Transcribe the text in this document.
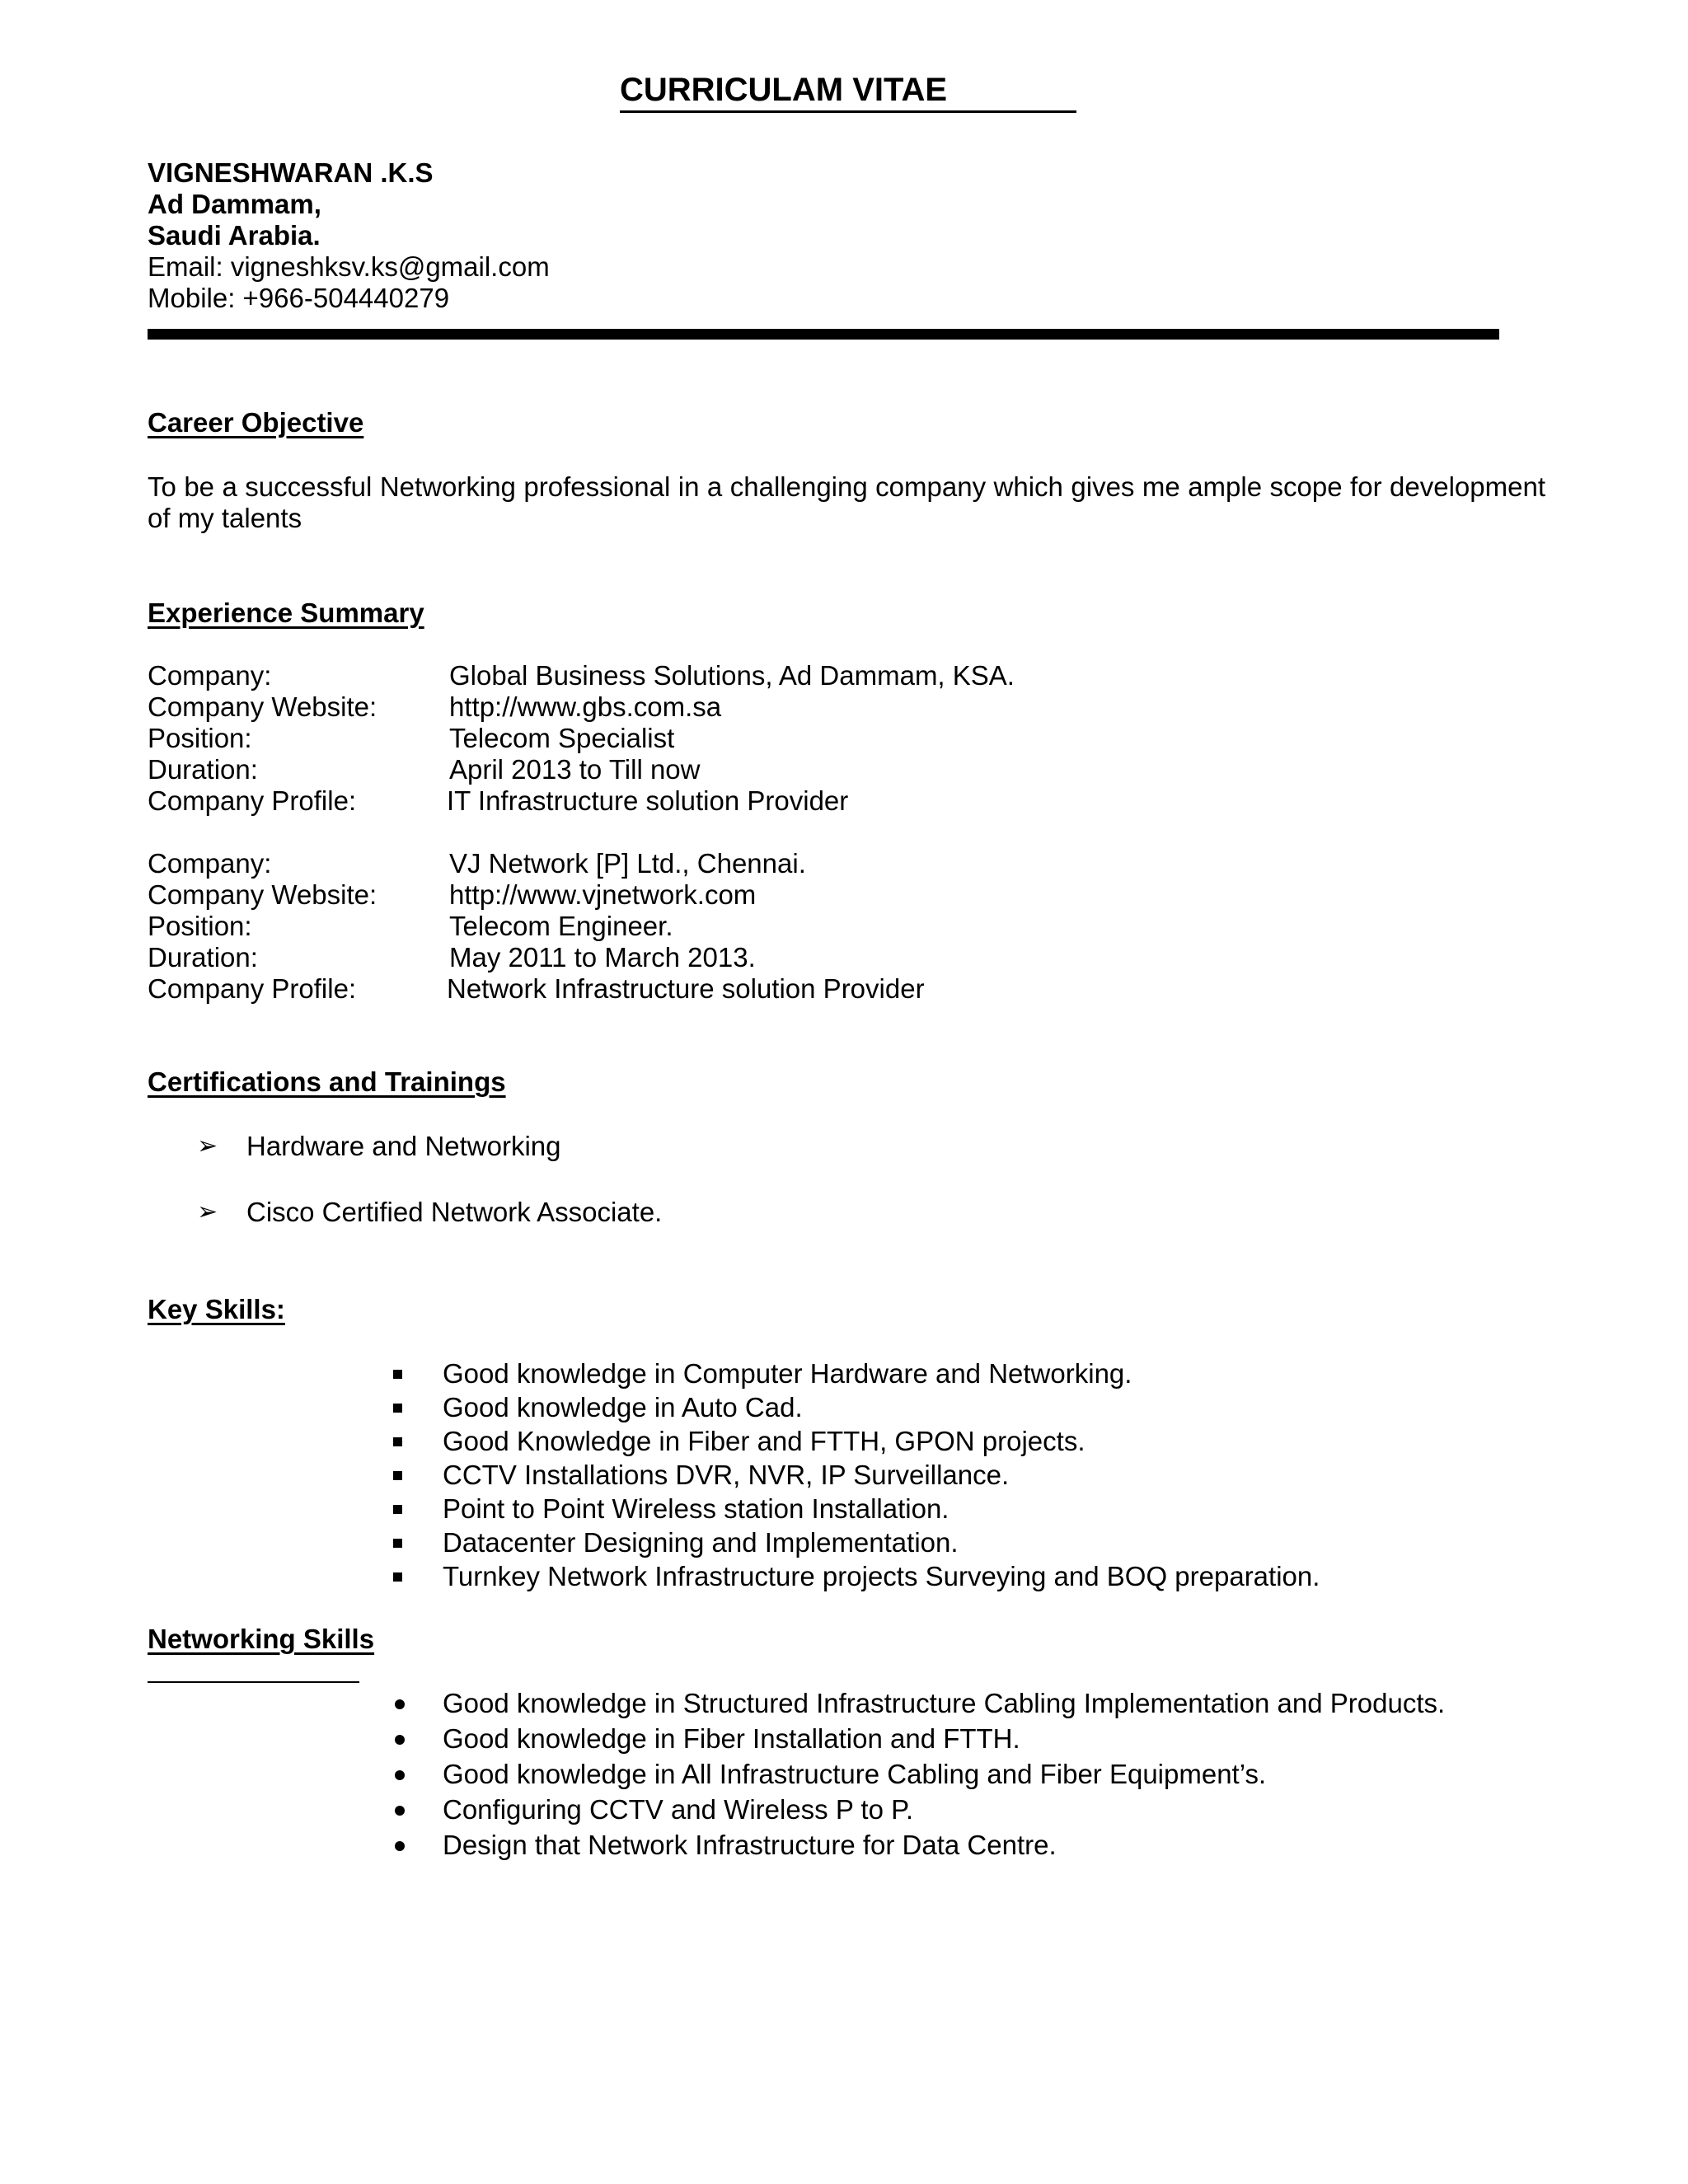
CURRICULAM VITAE
VIGNESHWARAN .K.S
Ad Dammam,
Saudi Arabia.
Email: vigneshksv.ks@gmail.com
Mobile: +966-504440279
Career Objective
To be a successful Networking professional in a challenging company which gives me ample scope for development of my talents
Experience Summary
Company:	Global Business Solutions, Ad Dammam, KSA.
Company Website:	http://www.gbs.com.sa
Position:	Telecom Specialist
Duration:	April 2013 to Till now
Company Profile:	IT Infrastructure solution Provider
Company:	VJ Network [P] Ltd., Chennai.
Company Website:	http://www.vjnetwork.com
Position:	Telecom Engineer.
Duration:	May 2011 to March 2013.
Company Profile:	Network Infrastructure solution Provider
Certifications and Trainings
➢ Hardware and Networking
➢ Cisco Certified Network Associate.
Key Skills:
Good knowledge in Computer Hardware and Networking.
Good knowledge in Auto Cad.
Good Knowledge in Fiber and FTTH, GPON projects.
CCTV Installations DVR, NVR, IP Surveillance.
Point to Point Wireless station Installation.
Datacenter Designing and Implementation.
Turnkey Network Infrastructure projects Surveying and BOQ preparation.
Networking Skills
Good knowledge in Structured Infrastructure Cabling Implementation and Products.
Good knowledge in Fiber Installation and FTTH.
Good knowledge in All Infrastructure Cabling and Fiber Equipment’s.
Configuring CCTV and Wireless P to P.
Design that Network Infrastructure for Data Centre.
